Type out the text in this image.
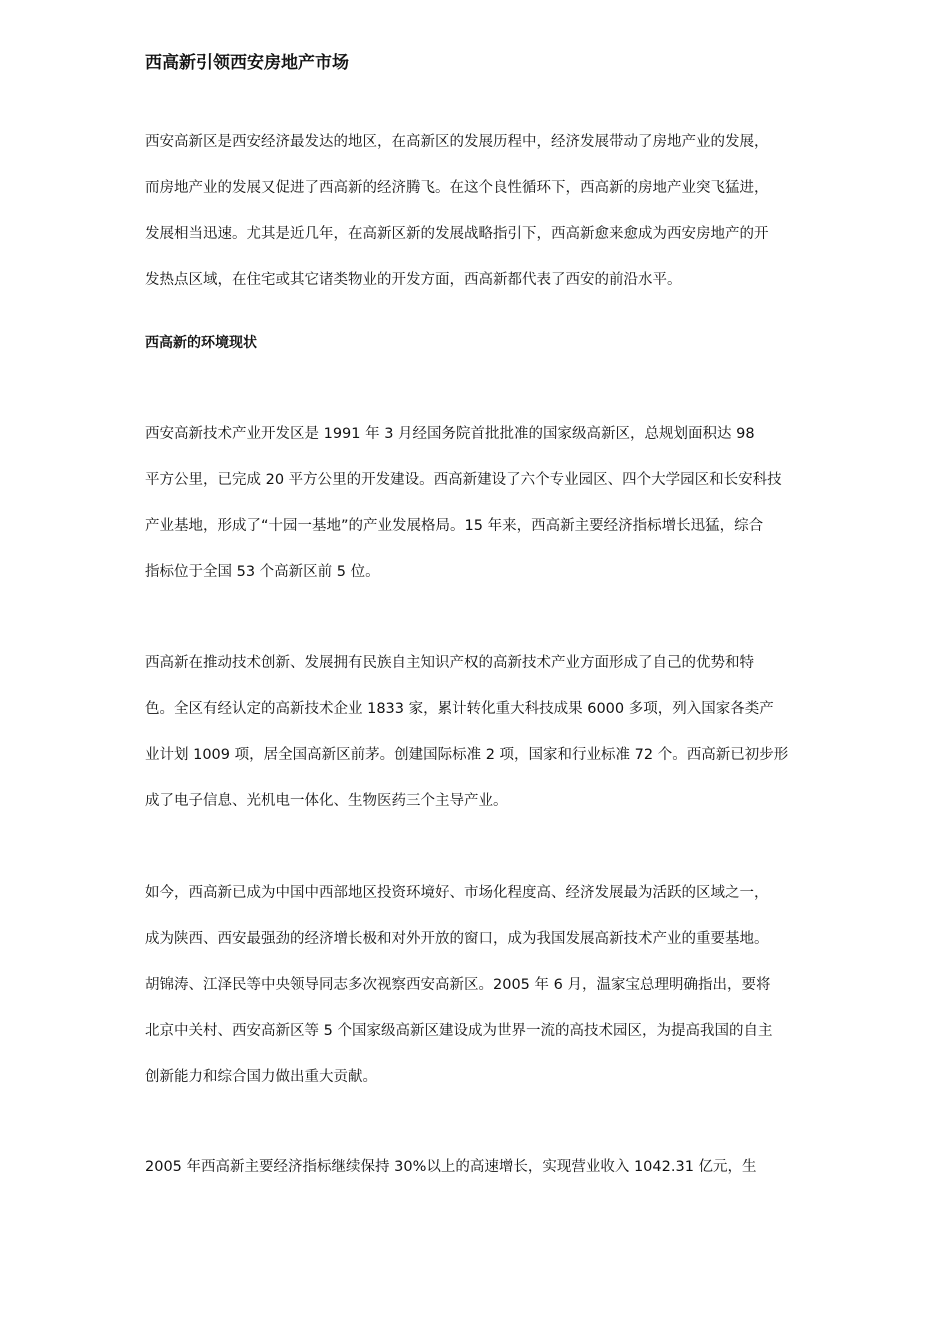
西高新引领西安房地产市场
西安高新区是西安经济最发达的地区，在高新区的发展历程中，经济发展带动了房地产业的发展，
而房地产业的发展又促进了西高新的经济腾飞。在这个良性循环下，西高新的房地产业突飞猛进，
发展相当迅速。尤其是近几年，在高新区新的发展战略指引下，西高新愈来愈成为西安房地产的开
发热点区域，在住宅或其它诸类物业的开发方面，西高新都代表了西安的前沿水平。
西高新的环境现状
西安高新技术产业开发区是 1991 年 3 月经国务院首批批准的国家级高新区，总规划面积达 98
平方公里，已完成 20 平方公里的开发建设。西高新建设了六个专业园区、四个大学园区和长安科技
产业基地，形成了“十园一基地”的产业发展格局。15 年来，西高新主要经济指标增长迅猛，综合
指标位于全国 53 个高新区前 5 位。
西高新在推动技术创新、发展拥有民族自主知识产权的高新技术产业方面形成了自己的优势和特
色。全区有经认定的高新技术企业 1833 家，累计转化重大科技成果 6000 多项，列入国家各类产
业计划 1009 项，居全国高新区前茅。创建国际标准 2 项，国家和行业标准 72 个。西高新已初步形
成了电子信息、光机电一体化、生物医药三个主导产业。
如今，西高新已成为中国中西部地区投资环境好、市场化程度高、经济发展最为活跃的区域之一，
成为陕西、西安最强劲的经济增长极和对外开放的窗口，成为我国发展高新技术产业的重要基地。
胡锦涛、江泽民等中央领导同志多次视察西安高新区。2005 年 6 月，温家宝总理明确指出，要将
北京中关村、西安高新区等 5 个国家级高新区建设成为世界一流的高技术园区，为提高我国的自主
创新能力和综合国力做出重大贡献。
2005 年西高新主要经济指标继续保持 30%以上的高速增长，实现营业收入 1042.31 亿元，生
